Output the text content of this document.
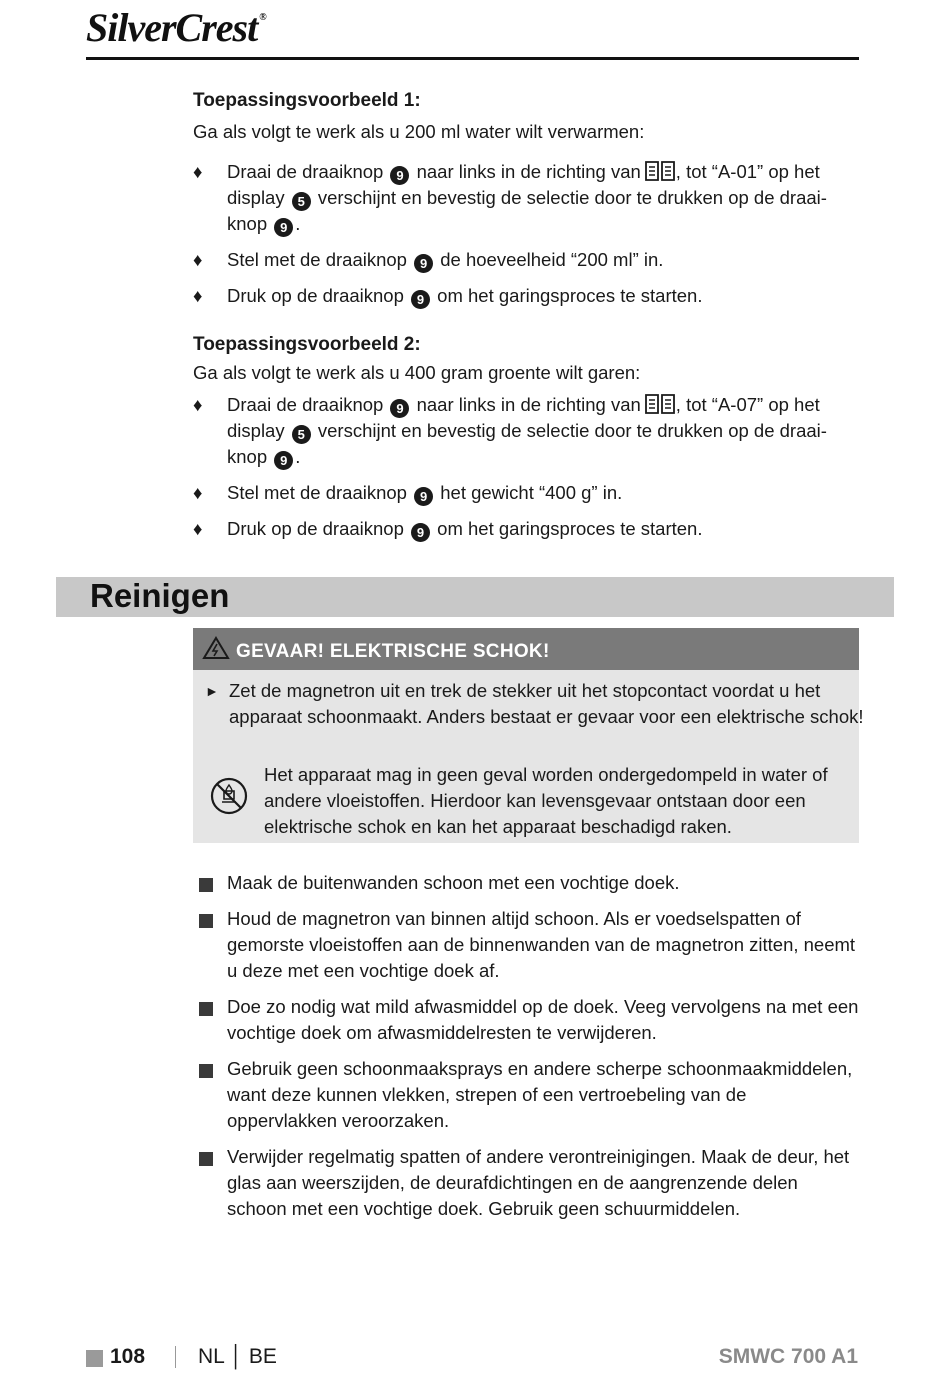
SilverCrest ®
Toepassingsvoorbeeld 1:
Ga als volgt te werk als u 200 ml water wilt verwarmen:
♦	Draai de draaiknop 9 naar links in de richting van , tot “A-01” op het
display 5 verschijnt en bevestig de selectie door te drukken op de draai-
knop 9 .
♦	Stel met de draaiknop 9 de hoeveelheid “200 ml” in.
♦	Druk op de draaiknop 9 om het garingsproces te starten.
Toepassingsvoorbeeld 2:
Ga als volgt te werk als u 400 gram groente wilt garen:
♦	Draai de draaiknop 9 naar links in de richting van , tot “A-07” op het
display 5 verschijnt en bevestig de selectie door te drukken op de draai-
knop 9 .
♦	Stel met de draaiknop 9 het gewicht “400 g” in.
♦	Druk op de draaiknop 9 om het garingsproces te starten.
Reinigen
GEVAAR! ELEKTRISCHE SCHOK!
► Zet de magnetron uit en trek de stekker uit het stopcontact voordat u het apparaat schoonmaakt. Anders bestaat er gevaar voor een elektrische schok!
Het apparaat mag in geen geval worden ondergedompeld in water of andere vloeistoffen. Hierdoor kan levensgevaar ontstaan door een elektrische schok en kan het apparaat beschadigd raken.
Maak de buitenwanden schoon met een vochtige doek.
Houd de magnetron van binnen altijd schoon. Als er voedselspatten of gemorste vloeistoffen aan de binnenwanden van de magnetron zitten, neemt u deze met een vochtige doek af.
Doe zo nodig wat mild afwasmiddel op de doek. Veeg vervolgens na met een vochtige doek om afwasmiddelresten te verwijderen.
Gebruik geen schoonmaaksprays en andere scherpe schoonmaakmiddelen, want deze kunnen vlekken, strepen of een vertroebeling van de oppervlakken veroorzaken.
Verwijder regelmatig spatten of andere verontreinigingen. Maak de deur, het glas aan weerszijden, de deurafdichtingen en de aangrenzende delen schoon met een vochtige doek. Gebruik geen schuurmiddelen.
108	NL │ BE	SMWC 700 A1
